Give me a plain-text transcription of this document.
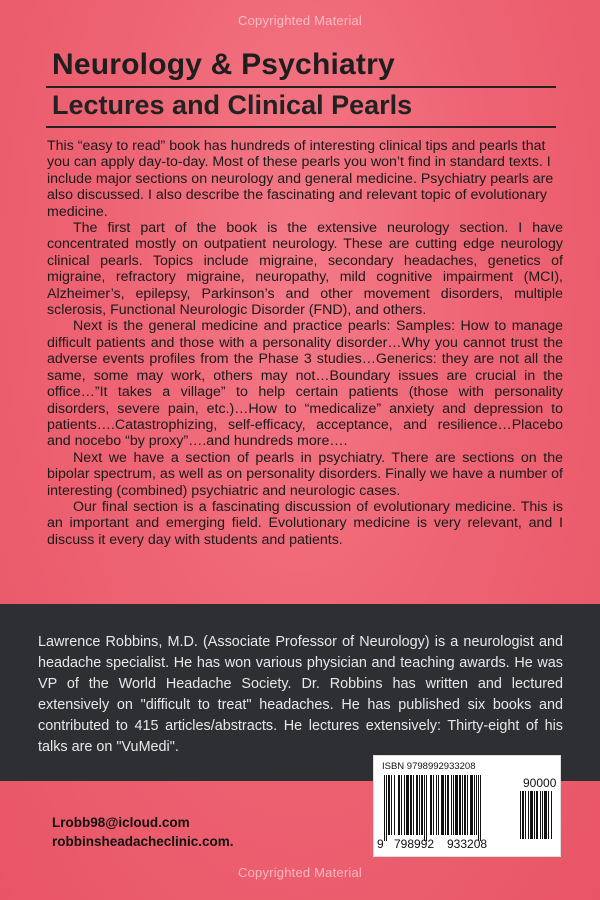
Copyrighted Material
Neurology & Psychiatry
Lectures and Clinical Pearls

This “easy to read” book has hundreds of interesting clinical tips and pearls that you can apply day-to-day. Most of these pearls you won’t find in standard texts. I include major sections on neurology and general medicine. Psychiatry pearls are also discussed. I also describe the fascinating and relevant topic of evolutionary medicine.

The first part of the book is the extensive neurology section. I have concentrated mostly on outpatient neurology. These are cutting edge neurology clinical pearls. Topics include migraine, secondary headaches, genetics of migraine, refractory migraine, neuropathy, mild cognitive impairment (MCI), Alzheimer’s, epilepsy, Parkinson’s and other movement disorders, multiple sclerosis, Functional Neurologic Disorder (FND), and others.

Next is the general medicine and practice pearls: Samples: How to manage difficult patients and those with a personality disorder…Why you cannot trust the adverse events profiles from the Phase 3 studies…Generics: they are not all the same, some may work, others may not…Boundary issues are crucial in the office…”It takes a village” to help certain patients (those with personality disorders, severe pain, etc.)…How to “medicalize” anxiety and depression to patients….Catastrophizing, self-efficacy, acceptance, and resilience…Placebo and nocebo “by proxy”….and hundreds more….

Next we have a section of pearls in psychiatry. There are sections on the bipolar spectrum, as well as on personality disorders. Finally we have a number of interesting (combined) psychiatric and neurologic cases.

Our final section is a fascinating discussion of evolutionary medicine. This is an important and emerging field. Evolutionary medicine is very relevant, and I discuss it every day with students and patients.

Lawrence Robbins, M.D. (Associate Professor of Neurology) is a neurologist and headache specialist. He has won various physician and teaching awards. He was VP of the World Headache Society. Dr. Robbins has written and lectured extensively on "difficult to treat" headaches. He has published six books and contributed to 415 articles/abstracts. He lectures extensively: Thirty-eight of his talks are on "VuMedi".

Lrobb98@icloud.com
robbinsheadacheclinic.com.
ISBN 9798992933208
90000
9 798992 933208
Copyrighted Material
